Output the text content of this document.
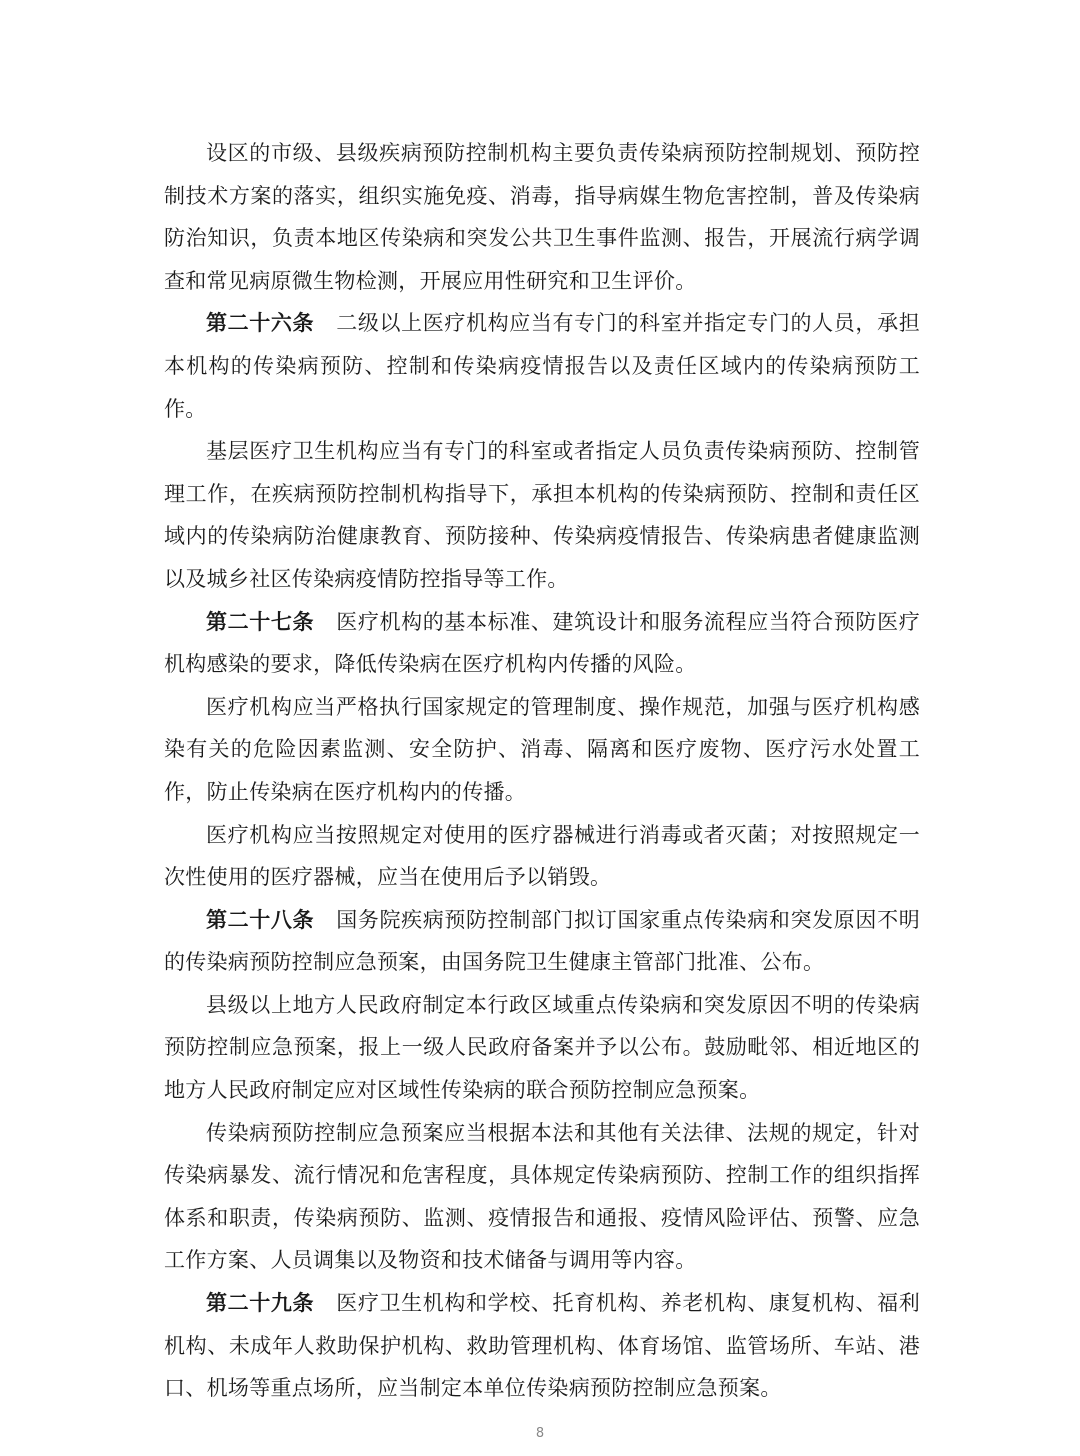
设区的市级、县级疾病预防控制机构主要负责传染病预防控制规划、预防控制技术方案的落实，组织实施免疫、消毒，指导病媒生物危害控制，普及传染病防治知识，负责本地区传染病和突发公共卫生事件监测、报告，开展流行病学调查和常见病原微生物检测，开展应用性研究和卫生评价。

第二十六条 二级以上医疗机构应当有专门的科室并指定专门的人员，承担本机构的传染病预防、控制和传染病疫情报告以及责任区域内的传染病预防工作。

基层医疗卫生机构应当有专门的科室或者指定人员负责传染病预防、控制管理工作，在疾病预防控制机构指导下，承担本机构的传染病预防、控制和责任区域内的传染病防治健康教育、预防接种、传染病疫情报告、传染病患者健康监测以及城乡社区传染病疫情防控指导等工作。

第二十七条 医疗机构的基本标准、建筑设计和服务流程应当符合预防医疗机构感染的要求，降低传染病在医疗机构内传播的风险。

医疗机构应当严格执行国家规定的管理制度、操作规范，加强与医疗机构感染有关的危险因素监测、安全防护、消毒、隔离和医疗废物、医疗污水处置工作，防止传染病在医疗机构内的传播。

医疗机构应当按照规定对使用的医疗器械进行消毒或者灭菌；对按照规定一次性使用的医疗器械，应当在使用后予以销毁。

第二十八条 国务院疾病预防控制部门拟订国家重点传染病和突发原因不明的传染病预防控制应急预案，由国务院卫生健康主管部门批准、公布。

县级以上地方人民政府制定本行政区域重点传染病和突发原因不明的传染病预防控制应急预案，报上一级人民政府备案并予以公布。鼓励毗邻、相近地区的地方人民政府制定应对区域性传染病的联合预防控制应急预案。

传染病预防控制应急预案应当根据本法和其他有关法律、法规的规定，针对传染病暴发、流行情况和危害程度，具体规定传染病预防、控制工作的组织指挥体系和职责，传染病预防、监测、疫情报告和通报、疫情风险评估、预警、应急工作方案、人员调集以及物资和技术储备与调用等内容。

第二十九条 医疗卫生机构和学校、托育机构、养老机构、康复机构、福利机构、未成年人救助保护机构、救助管理机构、体育场馆、监管场所、车站、港口、机场等重点场所，应当制定本单位传染病预防控制应急预案。

8
